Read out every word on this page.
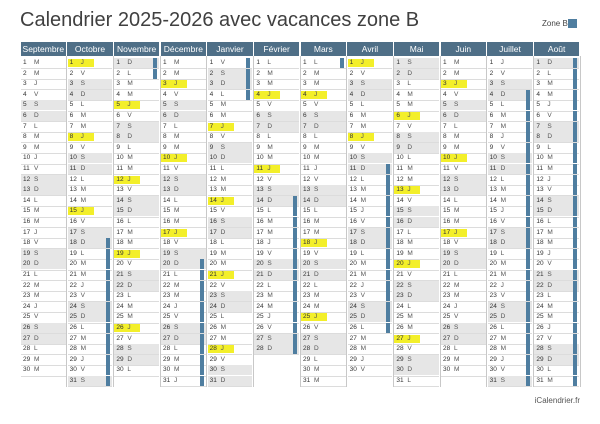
Calendrier 2025-2026 avec vacances zone B	Zone B
Septembre
1 M
2 M
3 J
4 V
5 S
6 D
7 L
8 M
9 M
10 J
11 V
12 S
13 D
14 L
15 M
16 M
17 J
18 V
19 S
20 D
21 L
22 M
23 M
24 J
25 V
26 S
27 D
28 L
29 M
30 M
Octobre
1 J
2 V
3 S
4 D
5 L
6 M
7 M
8 J
9 V
10 S
11 D
12 L
13 M
14 M
15 J
16 V
17 S
18 D
19 L
20 M
21 M
22 J
23 V
24 S
25 D
26 L
27 M
28 M
29 J
30 V
31 S
Novembre
1 D
2 L
3 M
4 M
5 J
6 V
7 S
8 D
9 L
10 M
11 M
12 J
13 V
14 S
15 D
16 L
17 M
18 M
19 J
20 V
21 S
22 D
23 L
24 M
25 M
26 J
27 V
28 S
29 D
30 L
Décembre
1 M
2 M
3 J
4 V
5 S
6 D
7 L
8 M
9 M
10 J
11 V
12 S
13 D
14 L
15 M
16 M
17 J
18 V
19 S
20 D
21 L
22 M
23 M
24 J
25 V
26 S
27 D
28 L
29 M
30 M
31 J
Janvier
1 V
2 S
3 D
4 L
5 M
6 M
7 J
8 V
9 S
10 D
11 L
12 M
13 M
14 J
15 V
16 S
17 D
18 L
19 M
20 M
21 J
22 V
23 S
24 D
25 L
26 M
27 M
28 J
29 V
30 S
31 D
Février
1 L
2 M
3 M
4 J
5 V
6 S
7 D
8 L
9 M
10 M
11 J
12 V
13 S
14 D
15 L
16 M
17 M
18 J
19 V
20 S
21 D
22 L
23 M
24 M
25 J
26 V
27 S
28 D
Mars
1 L
2 M
3 M
4 J
5 V
6 S
7 D
8 L
9 M
10 M
11 J
12 V
13 S
14 D
15 L
16 M
17 M
18 J
19 V
20 S
21 D
22 L
23 M
24 M
25 J
26 V
27 S
28 D
29 L
30 M
31 M
Avril
1 J
2 V
3 S
4 D
5 L
6 M
7 M
8 J
9 V
10 S
11 D
12 L
13 M
14 M
15 J
16 V
17 S
18 D
19 L
20 M
21 M
22 J
23 V
24 S
25 D
26 L
27 M
28 M
29 J
30 V
Mai
1 S
2 D
3 L
4 M
5 M
6 J
7 V
8 S
9 D
10 L
11 M
12 M
13 J
14 V
15 S
16 D
17 L
18 M
19 M
20 J
21 V
22 S
23 D
24 L
25 M
26 M
27 J
28 V
29 S
30 D
31 L
Juin
1 M
2 M
3 J
4 V
5 S
6 D
7 L
8 M
9 M
10 J
11 V
12 S
13 D
14 L
15 M
16 M
17 J
18 V
19 S
20 D
21 L
22 M
23 M
24 J
25 V
26 S
27 D
28 L
29 M
30 M
Juillet
1 J
2 V
3 S
4 D
5 L
6 M
7 M
8 J
9 V
10 S
11 D
12 L
13 M
14 M
15 J
16 V
17 S
18 D
19 L
20 M
21 M
22 J
23 V
24 S
25 D
26 L
27 M
28 M
29 J
30 V
31 S
Août
1 D
2 L
3 M
4 M
5 J
6 V
7 S
8 D
9 L
10 M
11 M
12 J
13 V
14 S
15 D
16 L
17 M
18 M
19 J
20 V
21 S
22 D
23 L
24 M
25 M
26 J
27 V
28 S
29 D
30 L
31 M
iCalendrier.fr
